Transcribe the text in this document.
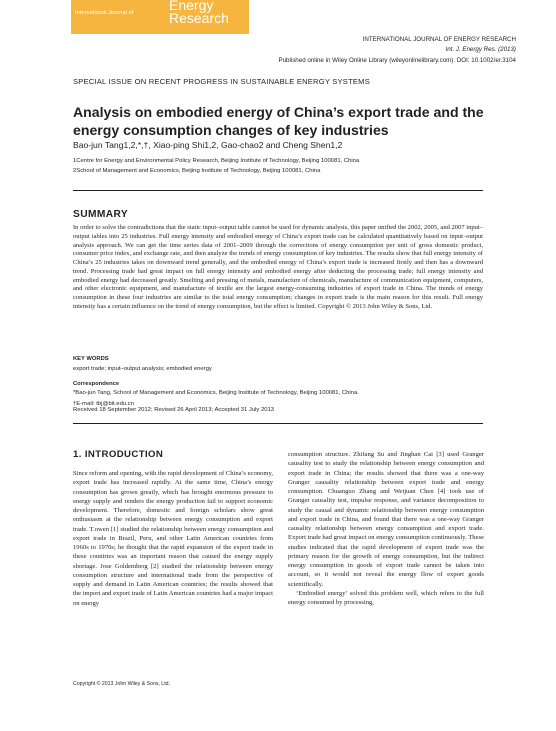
International Journal of	Energy
Research
INTERNATIONAL JOURNAL OF ENERGY RESEARCH
Int. J. Energy Res. (2013)
Published online in Wiley Online Library (wileyonlinelibrary.com). DOI: 10.1002/er.3104
SPECIAL ISSUE ON RECENT PROGRESS IN SUSTAINABLE ENERGY SYSTEMS
Analysis on embodied energy of China’s export trade and the energy consumption changes of key industries
Bao-jun Tang1,2,*,†, Xiao-ping Shi1,2, Gao-chao2 and Cheng Shen1,2
1Centre for Energy and Environmental Policy Research, Beijing Institute of Technology, Beijing 100081, China
2School of Management and Economics, Beijing Institute of Technology, Beijing 100081, China
SUMMARY

In order to solve the contradictions that the static input–output table cannot be used for dynamic analysis, this paper unified the 2002, 2005, and 2007 input–output tables into 25 industries. Full energy intensity and embodied energy of China’s export trade can be calculated quantitatively based on input–output analysis approach. We can get the time series data of 2001–2009 through the corrections of energy consumption per unit of gross domestic product, consumer price index, and exchange rate, and then analyze the trends of energy consumption of key industries. The results show that full energy intensity of China’s 25 industries takes on downward trend generally, and the embodied energy of China’s export trade is increased firstly and then has a downward trend. Processing trade had great impact on full energy intensity and embodied energy after deducting the processing trade; full energy intensity and embodied energy had decreased greatly. Smelting and pressing of metals, manufacture of chemicals, manufacture of communication equipment, computers, and other electronic equipment, and manufacture of textile are the largest energy-consuming industries of export trade in China. The trends of energy consumption in these four industries are similar to the total energy consumption; changes in export trade is the main reason for this result. Full energy intensity has a certain influence on the trend of energy consumption, but the effect is limited. Copyright © 2013 John Wiley & Sons, Ltd.

KEY WORDS
export trade; input–output analysis; embodied energy
Correspondence
*Bao-jun Tang, School of Management and Economics, Beijing Institute of Technology, Beijing 100081, China.
†E-mail: tbj@bit.edu.cn
Received 18 September 2012; Revised 26 April 2013; Accepted 31 July 2013
1. INTRODUCTION

Since reform and opening, with the rapid development of China’s economy, export trade has increased rapidly. At the same time, China’s energy consumption has grown greatly, which has brought enormous pressure to energy supply and renders the energy production fail to support economic development. Therefore, domestic and foreign scholars show great enthusiasm at the relationship between energy consumption and export trade. T.owen [1] studied the relationship between energy consumption and export trade in Brazil, Peru, and other Latin American countries from 1960s to 1970s; he thought that the rapid expansion of the export trade in these countries was an important reason that caused the energy supply shortage. Jose Goldemberg [2] studied the relationship between energy consumption structure and international trade from the perspective of supply and demand in Latin American countries; the results showed that the import and export trade of Latin American countries had a major impact on energy

consumption structure. Zhifang Su and Jinghan Cai [3] used Granger causality test to study the relationship between energy consumption and export trade in China; the results showed that there was a one-way Granger causality relationship between export trade and energy consumption. Chuanguo Zhang and Weijuan Chen [4] took use of Granger causality test, impulse response, and variance decomposition to study the causal and dynamic relationship between energy consumption and export trade in China, and found that there was a one-way Granger causality relationship between energy consumption and export trade. Export trade had great impact on energy consumption continuously. These studies indicated that the rapid development of export trade was the primary reason for the growth of energy consumption, but the indirect energy consumption in goods of export trade cannot be taken into account, so it would not reveal the energy flow of export goods scientifically.

‘Embodied energy’ solved this problem well, which refers to the full energy consumed by processing,

Copyright © 2013 John Wiley & Sons, Ltd.
